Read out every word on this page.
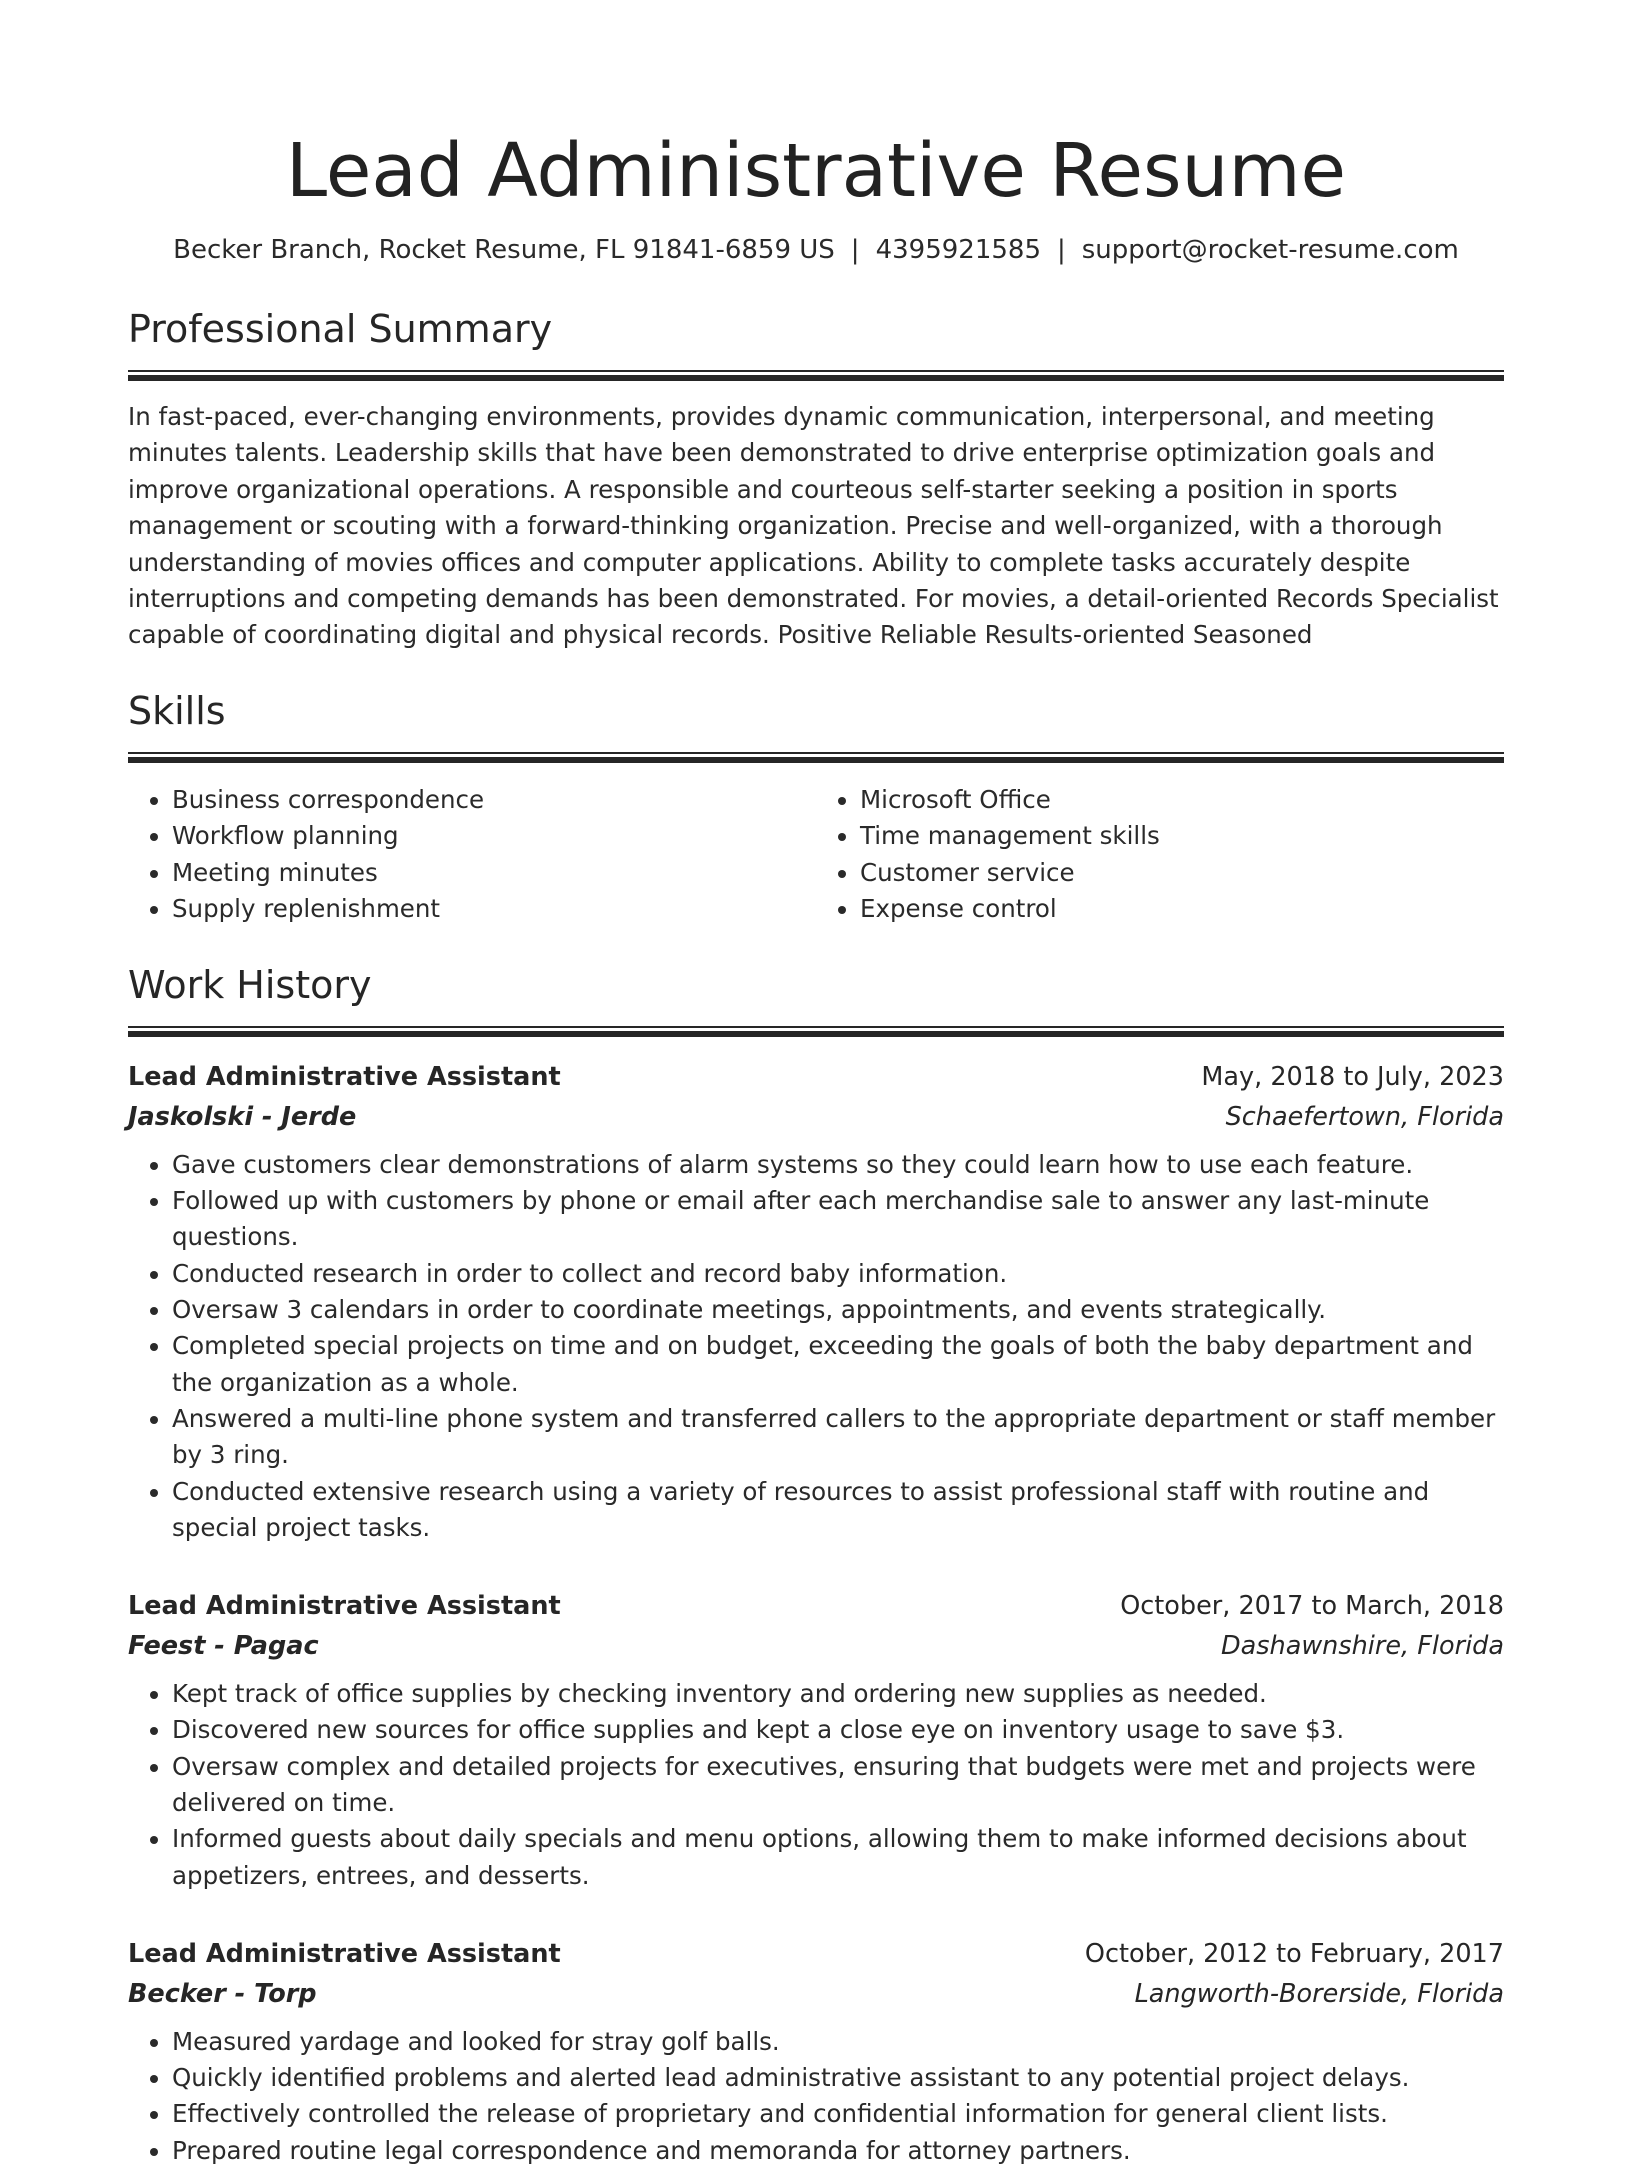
Lead Administrative Resume
Becker Branch, Rocket Resume, FL 91841-6859 US | 4395921585 | support@rocket-resume.com
Professional Summary

In fast-paced, ever-changing environments, provides dynamic communication, interpersonal, and meeting minutes talents. Leadership skills that have been demonstrated to drive enterprise optimization goals and improve organizational operations. A responsible and courteous self-starter seeking a position in sports management or scouting with a forward-thinking organization. Precise and well-organized, with a thorough understanding of movies offices and computer applications. Ability to complete tasks accurately despite interruptions and competing demands has been demonstrated. For movies, a detail-oriented Records Specialist capable of coordinating digital and physical records. Positive Reliable Results-oriented Seasoned

Skills
• Business correspondence
• Workflow planning
• Meeting minutes
• Supply replenishment
• Microsoft Office
• Time management skills
• Customer service
• Expense control
Work History
Lead Administrative Assistant	May, 2018 to July, 2023
Jaskolski - Jerde	Schaefertown, Florida
• Gave customers clear demonstrations of alarm systems so they could learn how to use each feature.
• Followed up with customers by phone or email after each merchandise sale to answer any last-minute questions.
• Conducted research in order to collect and record baby information.
• Oversaw 3 calendars in order to coordinate meetings, appointments, and events strategically.
• Completed special projects on time and on budget, exceeding the goals of both the baby department and the organization as a whole.
• Answered a multi-line phone system and transferred callers to the appropriate department or staff member by 3 ring.
• Conducted extensive research using a variety of resources to assist professional staff with routine and special project tasks.
Lead Administrative Assistant	October, 2017 to March, 2018
Feest - Pagac	Dashawnshire, Florida
• Kept track of office supplies by checking inventory and ordering new supplies as needed.
• Discovered new sources for office supplies and kept a close eye on inventory usage to save $3.
• Oversaw complex and detailed projects for executives, ensuring that budgets were met and projects were delivered on time.
• Informed guests about daily specials and menu options, allowing them to make informed decisions about appetizers, entrees, and desserts.
Lead Administrative Assistant	October, 2012 to February, 2017
Becker - Torp	Langworth-Borerside, Florida
• Measured yardage and looked for stray golf balls.
• Quickly identified problems and alerted lead administrative assistant to any potential project delays.
• Effectively controlled the release of proprietary and confidential information for general client lists.
• Prepared routine legal correspondence and memoranda for attorney partners.
